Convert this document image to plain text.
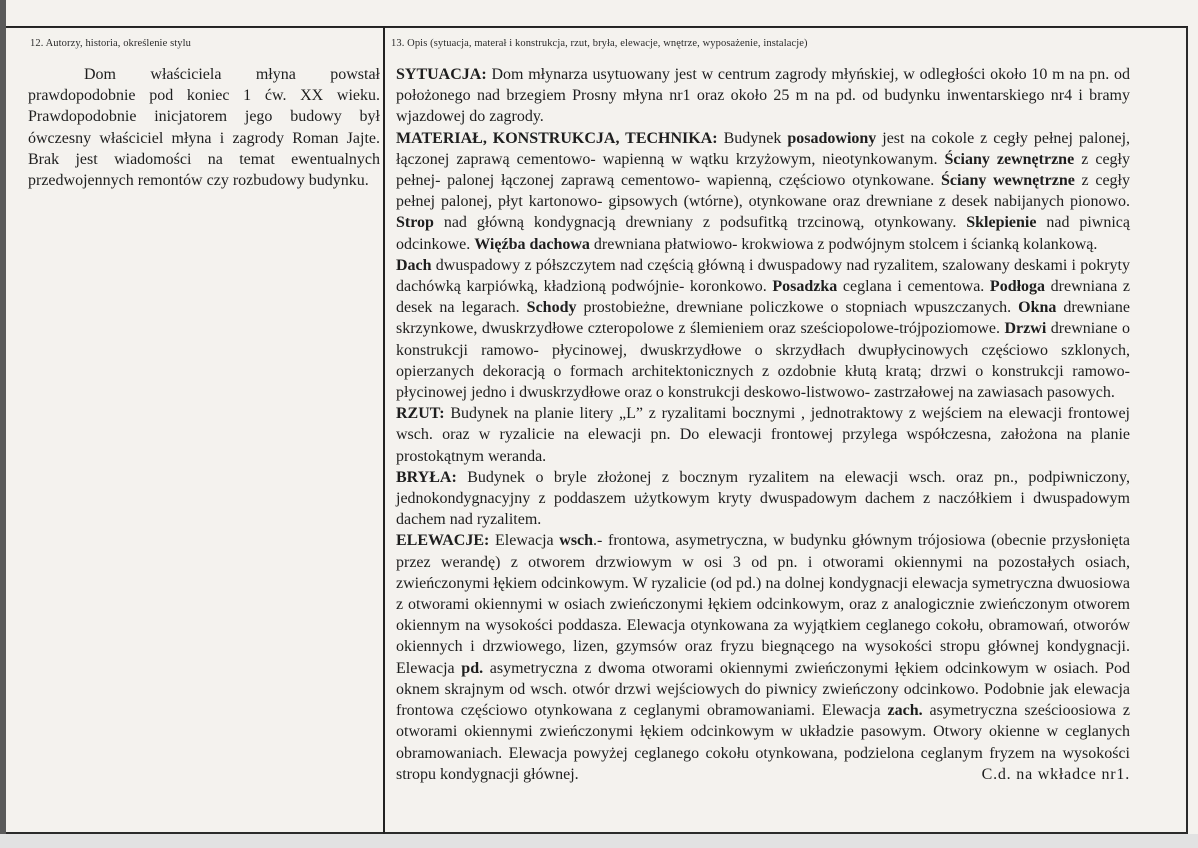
12. Autorzy, historia, określenie stylu

Dom właściciela młyna powstał prawdopodobnie pod koniec 1 ćw. XX wieku. Prawdopodobnie inicjatorem jego budowy był ówczesny właściciel młyna i zagrody Roman Jajte. Brak jest wiadomości na temat ewentualnych przedwojennych remontów czy rozbudowy budynku.

13. Opis (sytuacja, materał i konstrukcja, rzut, bryła, elewacje, wnętrze, wyposażenie, instalacje)

SYTUACJA: Dom młynarza usytuowany jest w centrum zagrody młyńskiej, w odległości około 10 m na pn. od położonego nad brzegiem Prosny młyna nr1 oraz około 25 m na pd. od budynku inwentarskiego nr4 i bramy wjazdowej do zagrody.

MATERIAŁ, KONSTRUKCJA, TECHNIKA: Budynek posadowiony jest na cokole z cegły pełnej palonej, łączonej zaprawą cementowo- wapienną w wątku krzyżowym, nieotynkowanym. Ściany zewnętrzne z cegły pełnej- palonej łączonej zaprawą cementowo- wapienną, częściowo otynkowane. Ściany wewnętrzne z cegły pełnej palonej, płyt kartonowo- gipsowych (wtórne), otynkowane oraz drewniane z desek nabijanych pionowo. Strop nad główną kondygnacją drewniany z podsufitką trzcinową, otynkowany. Sklepienie nad piwnicą odcinkowe. Więźba dachowa drewniana płatwiowo- krokwiowa z podwójnym stolcem i ścianką kolankową.

Dach dwuspadowy z półszczytem nad częścią główną i dwuspadowy nad ryzalitem, szalowany deskami i pokryty dachówką karpiówką, kładzioną podwójnie- koronkowo. Posadzka ceglana i cementowa. Podłoga drewniana z desek na legarach. Schody prostobieżne, drewniane policzkowe o stopniach wpuszczanych. Okna drewniane skrzynkowe, dwuskrzydłowe czteropolowe z ślemieniem oraz sześciopolowe-trójpoziomowe. Drzwi drewniane o konstrukcji ramowo- płycinowej, dwuskrzydłowe o skrzydłach dwupłycinowych częściowo szklonych, opierzanych dekoracją o formach architektonicznych z ozdobnie kłutą kratą; drzwi o konstrukcji ramowo- płycinowej jedno i dwuskrzydłowe oraz o konstrukcji deskowo-listwowo- zastrzałowej na zawiasach pasowych.

RZUT: Budynek na planie litery „L” z ryzalitami bocznymi , jednotraktowy z wejściem na elewacji frontowej wsch. oraz w ryzalicie na elewacji pn. Do elewacji frontowej przylega współczesna, założona na planie prostokątnym weranda.

BRYŁA: Budynek o bryle złożonej z bocznym ryzalitem na elewacji wsch. oraz pn., podpiwniczony, jednokondygnacyjny z poddaszem użytkowym kryty dwuspadowym dachem z naczółkiem i dwuspadowym dachem nad ryzalitem.

ELEWACJE: Elewacja wsch.- frontowa, asymetryczna, w budynku głównym trójosiowa (obecnie przysłonięta przez werandę) z otworem drzwiowym w osi 3 od pn. i otworami okiennymi na pozostałych osiach, zwieńczonymi łękiem odcinkowym. W ryzalicie (od pd.) na dolnej kondygnacji elewacja symetryczna dwuosiowa z otworami okiennymi w osiach zwieńczonymi łękiem odcinkowym, oraz z analogicznie zwieńczonym otworem okiennym na wysokości poddasza. Elewacja otynkowana za wyjątkiem ceglanego cokołu, obramowań, otworów okiennych i drzwiowego, lizen, gzymsów oraz fryzu biegnącego na wysokości stropu głównej kondygnacji. Elewacja pd. asymetryczna z dwoma otworami okiennymi zwieńczonymi łękiem odcinkowym w osiach. Pod oknem skrajnym od wsch. otwór drzwi wejściowych do piwnicy zwieńczony odcinkowo. Podobnie jak elewacja frontowa częściowo otynkowana z ceglanymi obramowaniami. Elewacja zach. asymetryczna sześcioosiowa z otworami okiennymi zwieńczonymi łękiem odcinkowym w układzie pasowym. Otwory okienne w ceglanych obramowaniach. Elewacja powyżej ceglanego cokołu otynkowana, podzielona ceglanym fryzem na wysokości stropu kondygnacji głównej.	C.d. na wkładce nr1.
